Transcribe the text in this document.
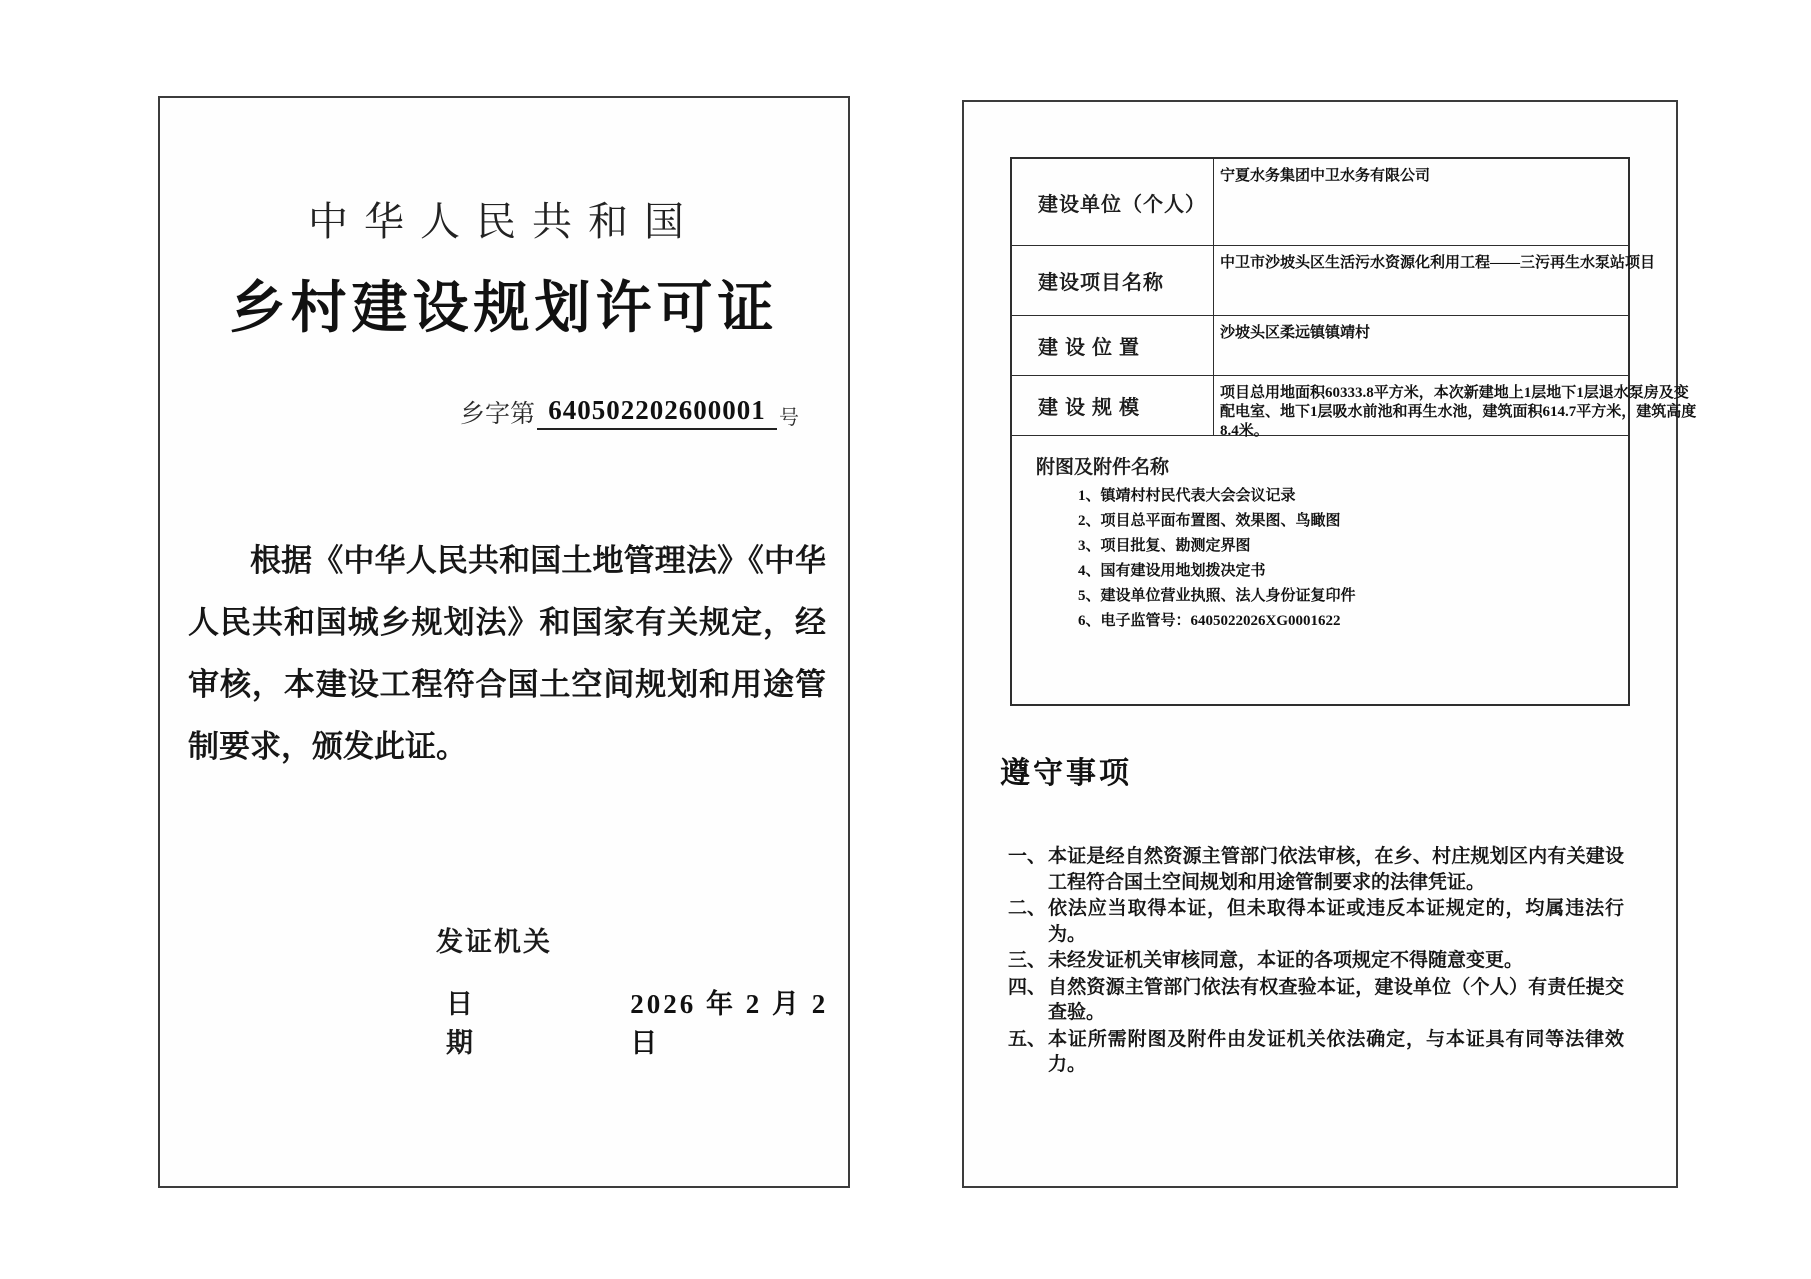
中华人民共和国
乡村建设规划许可证
乡字第 640502202600001 号
根据《中华人民共和国土地管理法》《中华人民共和国城乡规划法》和国家有关规定，经审核，本建设工程符合国土空间规划和用途管制要求，颁发此证。
发证机关
日　　期
2026 年 2 月 2 日
建设单位（个人）
宁夏水务集团中卫水务有限公司
建设项目名称
中卫市沙坡头区生活污水资源化利用工程——三污再生水泵站项目
建 设 位 置
沙坡头区柔远镇镇靖村
建 设 规 模
项目总用地面积60333.8平方米，本次新建地上1层地下1层退水泵房及变配电室、地下1层吸水前池和再生水池，建筑面积614.7平方米，建筑高度8.4米。
附图及附件名称
1、镇靖村村民代表大会会议记录
2、项目总平面布置图、效果图、鸟瞰图
3、项目批复、勘测定界图
4、国有建设用地划拨决定书
5、建设单位营业执照、法人身份证复印件
6、电子监管号：6405022026XG0001622
遵守事项
一、 本证是经自然资源主管部门依法审核，在乡、村庄规划区内有关建设工程符合国土空间规划和用途管制要求的法律凭证。
二、 依法应当取得本证，但未取得本证或违反本证规定的，均属违法行为。
三、 未经发证机关审核同意，本证的各项规定不得随意变更。
四、 自然资源主管部门依法有权查验本证，建设单位（个人）有责任提交查验。
五、 本证所需附图及附件由发证机关依法确定，与本证具有同等法律效力。
